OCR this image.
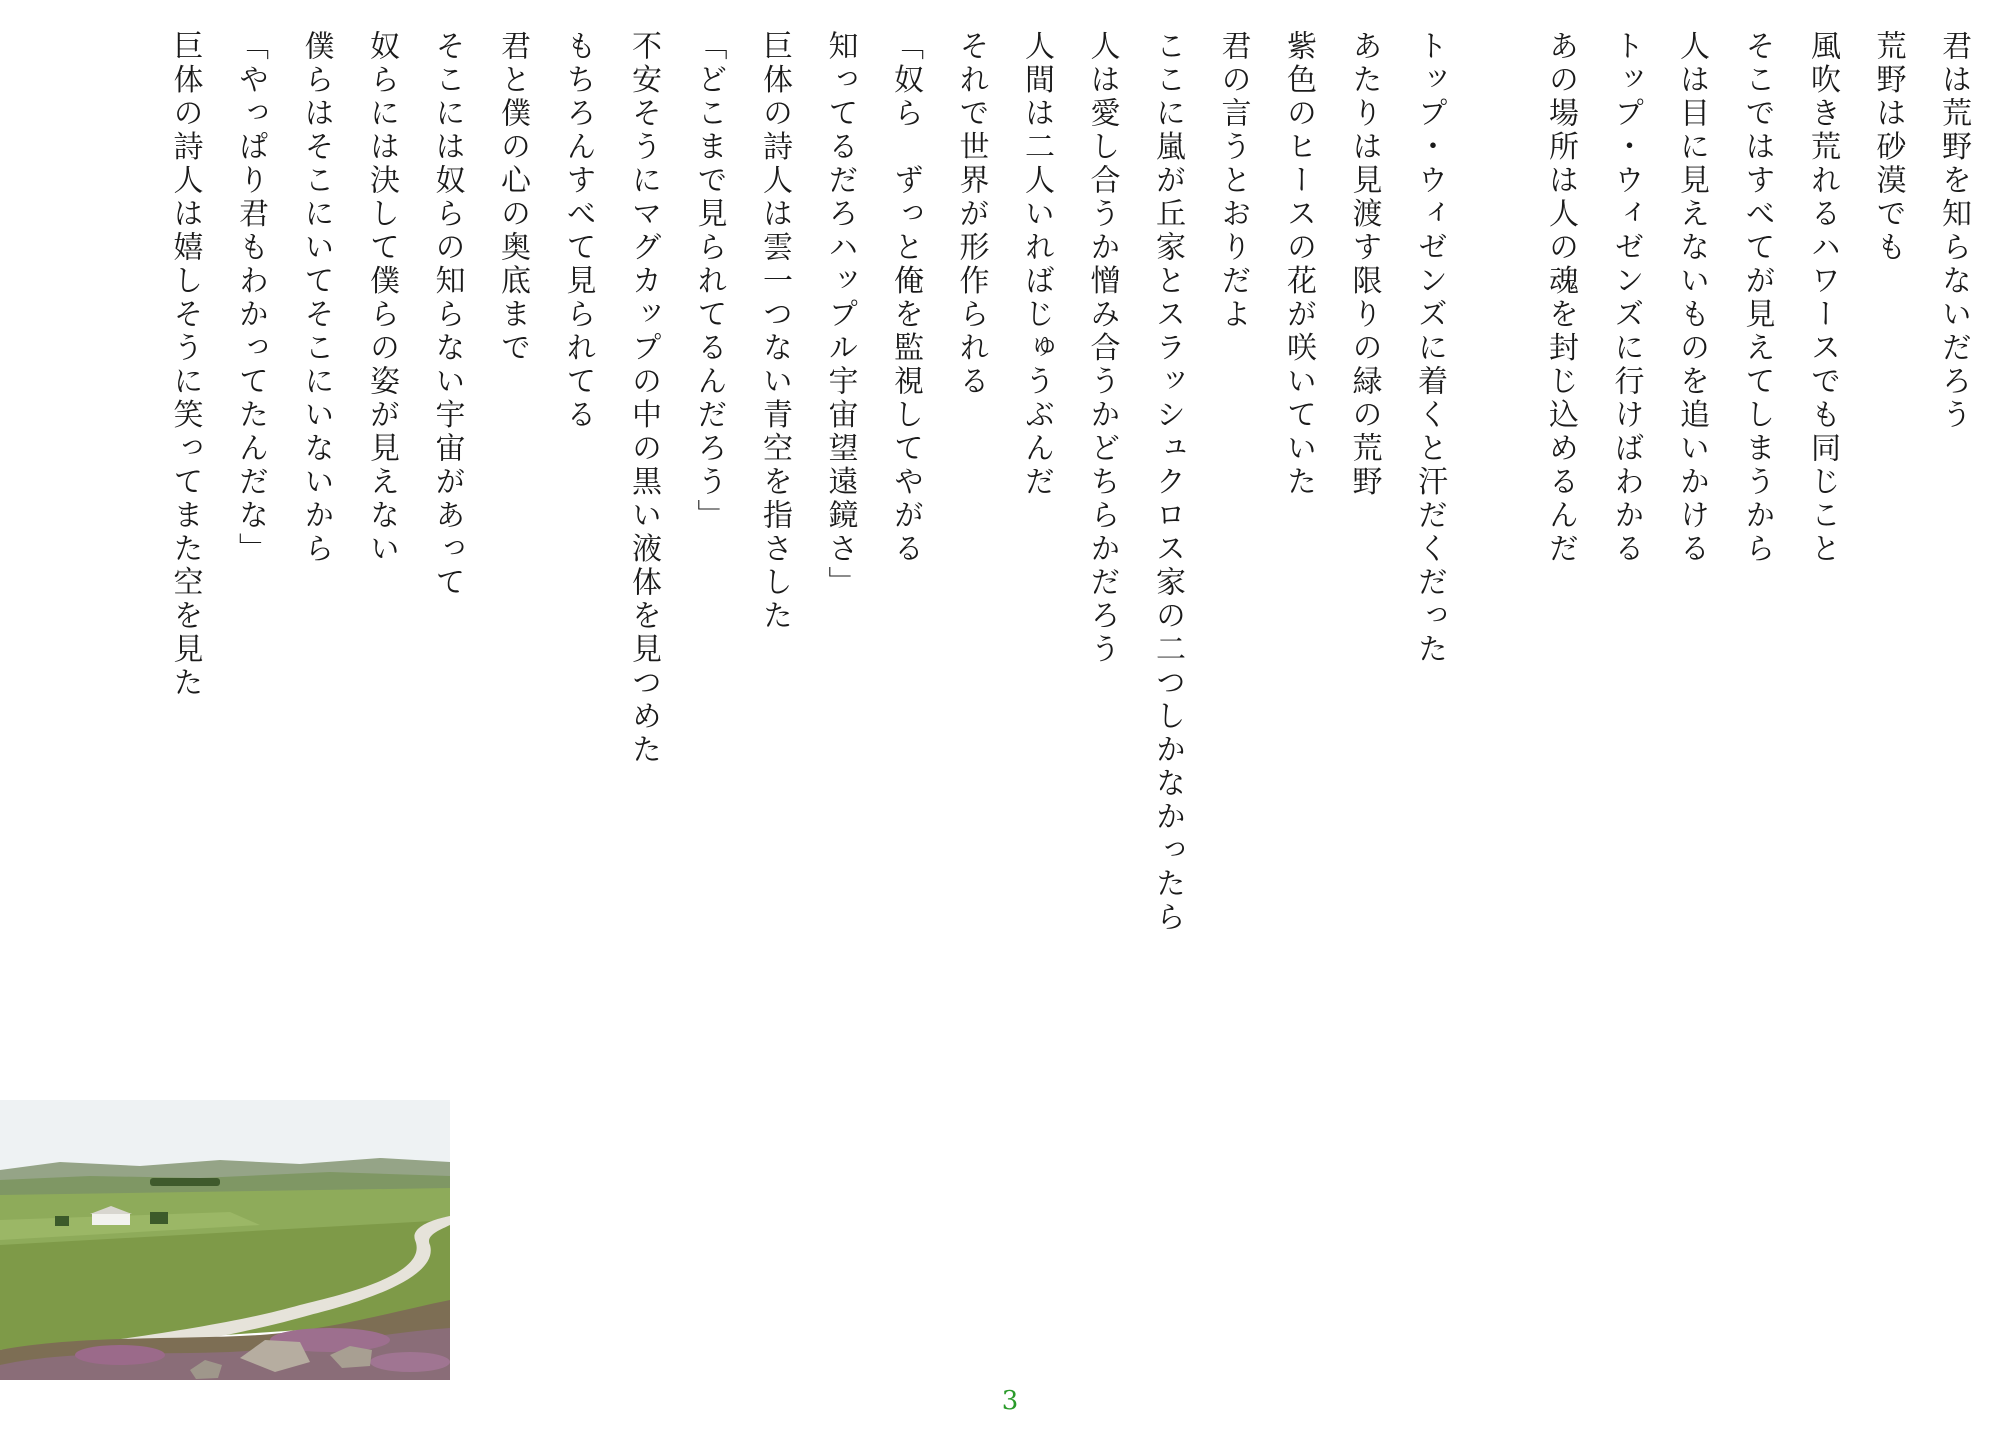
君は荒野を知らないだろう

荒野は砂漠でも

風吹き荒れるハワースでも同じこと

そこではすべてが見えてしまうから

人は目に見えないものを追いかける

トップ・ウィゼンズに行けばわかる

あの場所は人の魂を封じ込めるんだ

トップ・ウィゼンズに着くと汗だくだった

あたりは見渡す限りの緑の荒野

紫色のヒースの花が咲いていた

君の言うとおりだよ

ここに嵐が丘家とスラッシュクロス家の二つしかなかったら

人は愛し合うか憎み合うかどちらかだろう

人間は二人いればじゅうぶんだ

それで世界が形作られる

「奴ら　ずっと俺を監視してやがる

知ってるだろハップル宇宙望遠鏡さ」

巨体の詩人は雲一つない青空を指さした

「どこまで見られてるんだろう」

不安そうにマグカップの中の黒い液体を見つめた

もちろんすべて見られてる

君と僕の心の奥底まで

そこには奴らの知らない宇宙があって

奴らには決して僕らの姿が見えない

僕らはそこにいてそこにいないから

「やっぱり君もわかってたんだな」

巨体の詩人は嬉しそうに笑ってまた空を見た

3
